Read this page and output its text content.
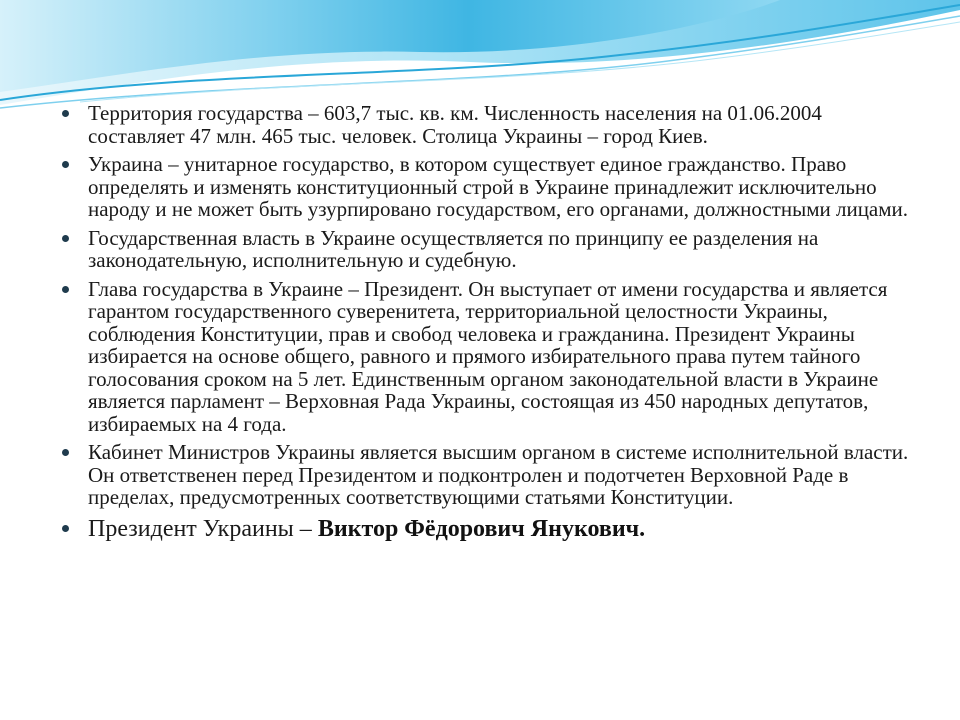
Территория государства – 603,7 тыс. кв. км. Численность населения на 01.06.2004 составляет 47 млн. 465 тыс. человек. Столица Украины – город Киев.
Украина – унитарное государство, в котором существует единое гражданство. Право определять и изменять конституционный строй в Украине принадлежит исключительно народу и не может быть узурпировано государством, его органами, должностными лицами.
Государственная власть в Украине осуществляется по принципу ее разделения на законодательную, исполнительную и судебную.
Глава государства в Украине – Президент. Он выступает от имени государства и является гарантом государственного суверенитета, территориальной целостности Украины, соблюдения Конституции, прав и свобод человека и гражданина. Президент Украины избирается на основе общего, равного и прямого избирательного права путем тайного голосования сроком на 5 лет. Единственным органом законодательной власти в Украине является парламент – Верховная Рада Украины, состоящая из 450 народных депутатов, избираемых на 4 года.
Кабинет Министров Украины является высшим органом в системе исполнительной власти. Он ответственен перед Президентом и подконтролен и подотчетен Верховной Раде в пределах, предусмотренных соответствующими статьями Конституции.
Президент Украины – Виктор Фёдорович Янукович.
